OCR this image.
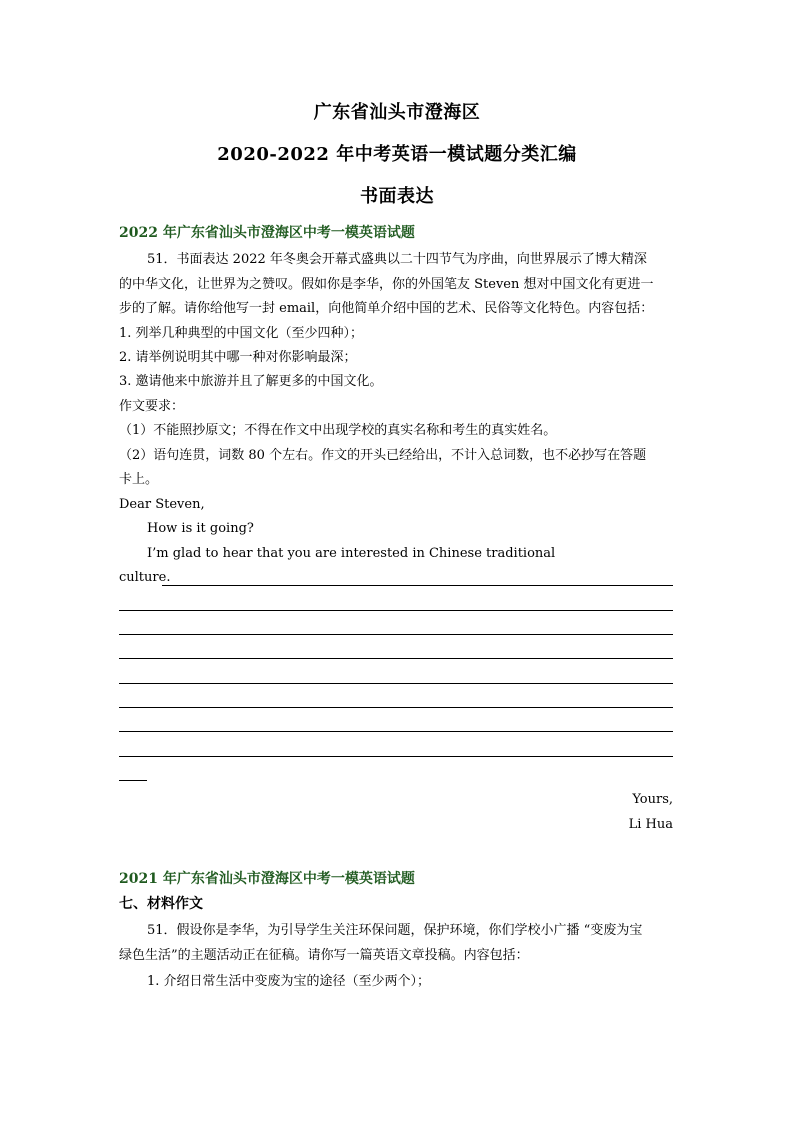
广东省汕头市澄海区
2020-2022 年中考英语一模试题分类汇编
书面表达
2022 年广东省汕头市澄海区中考一模英语试题
51．书面表达 2022 年冬奥会开幕式盛典以二十四节气为序曲，向世界展示了博大精深
的中华文化，让世界为之赞叹。假如你是李华，你的外国笔友 Steven 想对中国文化有更进一
步的了解。请你给他写一封 email，向他简单介绍中国的艺术、民俗等文化特色。内容包括：
1. 列举几种典型的中国文化（至少四种）；
2. 请举例说明其中哪一种对你影响最深；
3. 邀请他来中旅游并且了解更多的中国文化。
作文要求：
（1）不能照抄原文；不得在作文中出现学校的真实名称和考生的真实姓名。
（2）语句连贯，词数 80 个左右。作文的开头已经给出，不计入总词数，也不必抄写在答题
卡上。
Dear Steven,
How is it going?
I’m glad to hear that you are interested in Chinese traditional
culture.
Yours,
Li Hua
2021 年广东省汕头市澄海区中考一模英语试题
七、材料作文
51．假设你是李华，为引导学生关注环保问题，保护环境，你们学校小广播 “变废为宝
绿色生活”的主题活动正在征稿。请你写一篇英语文章投稿。内容包括：
1. 介绍日常生活中变废为宝的途径（至少两个）；
